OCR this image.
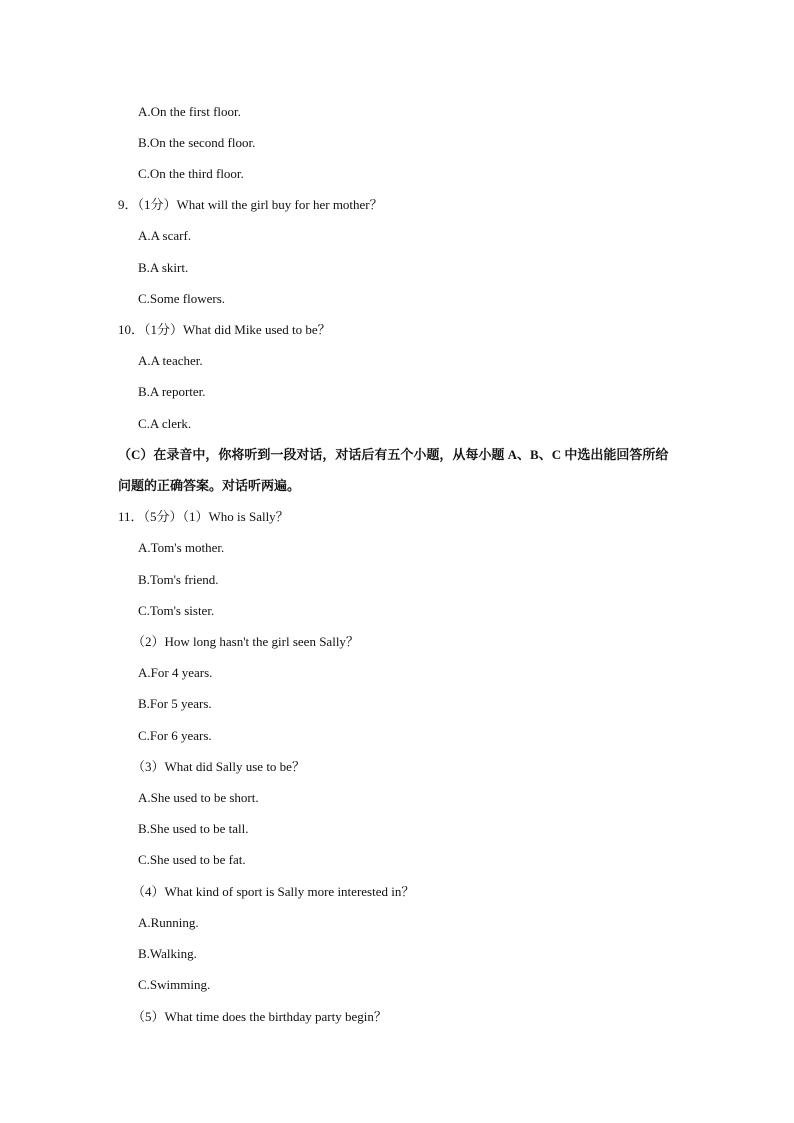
A.On the first floor.
B.On the second floor.
C.On the third floor.
9．（1分）What will the girl buy for her mother？
A.A scarf.
B.A skirt.
C.Some flowers.
10．（1分）What did Mike used to be？
A.A teacher.
B.A reporter.
C.A clerk.
（C）在录音中，你将听到一段对话，对话后有五个小题，从每小题 A、B、C 中选出能回答所给问题的正确答案。对话听两遍。
11．（5分）（1）Who is Sally？
A.Tom's mother.
B.Tom's friend.
C.Tom's sister.
（2）How long hasn't the girl seen Sally？
A.For 4 years.
B.For 5 years.
C.For 6 years.
（3）What did Sally use to be？
A.She used to be short.
B.She used to be tall.
C.She used to be fat.
（4）What kind of sport is Sally more interested in？
A.Running.
B.Walking.
C.Swimming.
（5）What time does the birthday party begin？
